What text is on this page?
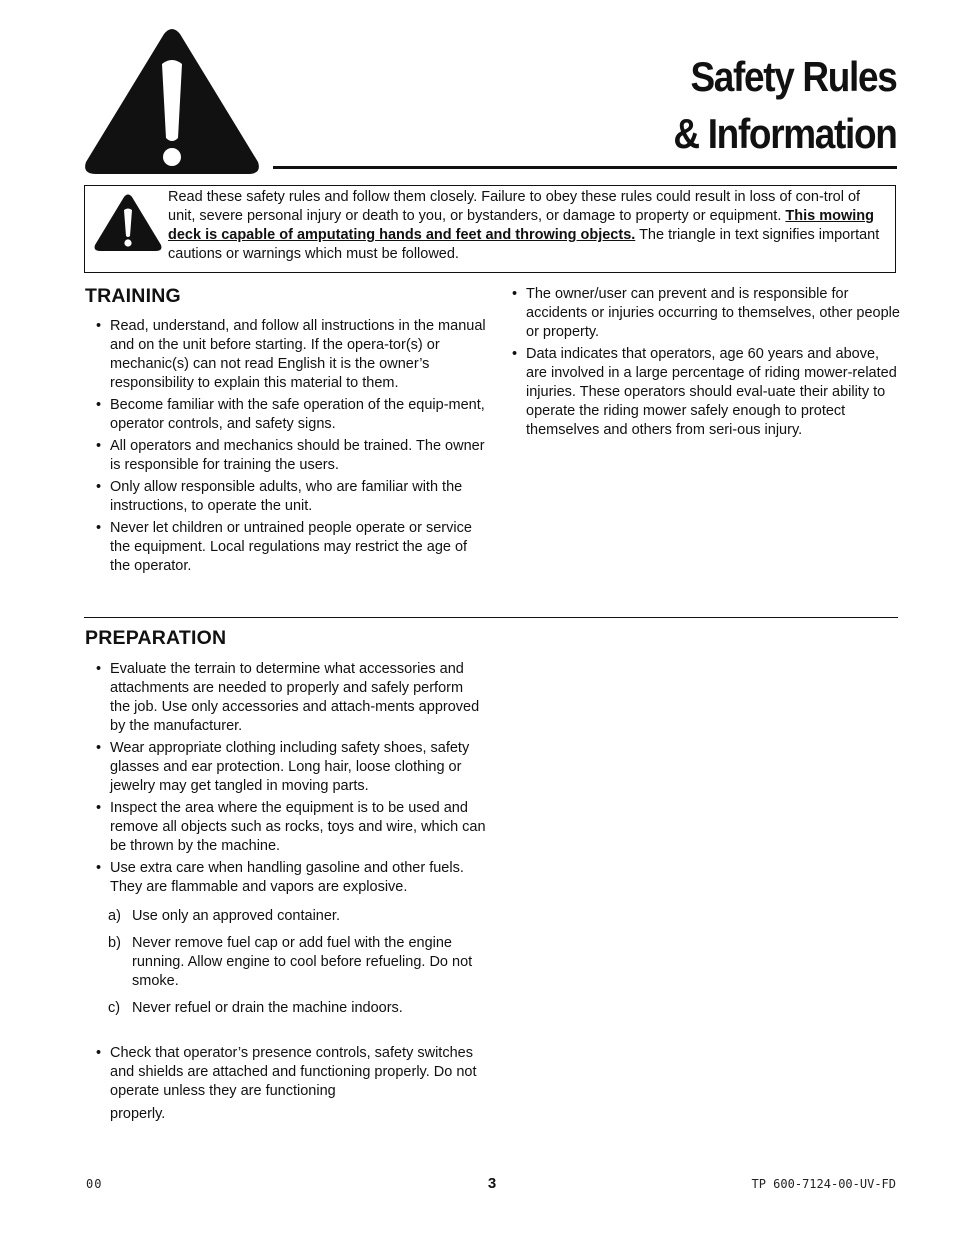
Safety Rules
& Information
Read these safety rules and follow them closely. Failure to obey these rules could result in loss of con-trol of unit, severe personal injury or death to you, or bystanders, or damage to property or equipment. This mowing deck is capable of amputating hands and feet and throwing objects. The triangle in text signifies important cautions or warnings which must be followed.
TRAINING
• Read, understand, and follow all instructions in the manual and on the unit before starting. If the opera-tor(s) or mechanic(s) can not read English it is the owner’s responsibility to explain this material to them.
• Become familiar with the safe operation of the equip-ment, operator controls, and safety signs.
• All operators and mechanics should be trained. The owner is responsible for training the users.
• Only allow responsible adults, who are familiar with the instructions, to operate the unit.
• Never let children or untrained people operate or service the equipment. Local regulations may restrict the age of the operator.
• The owner/user can prevent and is responsible for accidents or injuries occurring to themselves, other people or property.
• Data indicates that operators, age 60 years and above, are involved in a large percentage of riding mower-related injuries. These operators should eval-uate their ability to operate the riding mower safely enough to protect themselves and others from seri-ous injury.
PREPARATION
• Evaluate the terrain to determine what accessories and attachments are needed to properly and safely perform the job. Use only accessories and attach-ments approved by the manufacturer.
• Wear appropriate clothing including safety shoes, safety glasses and ear protection. Long hair, loose clothing or jewelry may get tangled in moving parts.
• Inspect the area where the equipment is to be used and remove all objects such as rocks, toys and wire, which can be thrown by the machine.
• Use extra care when handling gasoline and other fuels. They are flammable and vapors are explosive.
a) Use only an approved container.
b) Never remove fuel cap or add fuel with the engine running. Allow engine to cool before refueling. Do not smoke.
c) Never refuel or drain the machine indoors.
• Check that operator’s presence controls, safety switches and shields are attached and functioning properly. Do not operate unless they are functioning
properly.
00	3	TP 600-7124-00-UV-FD
